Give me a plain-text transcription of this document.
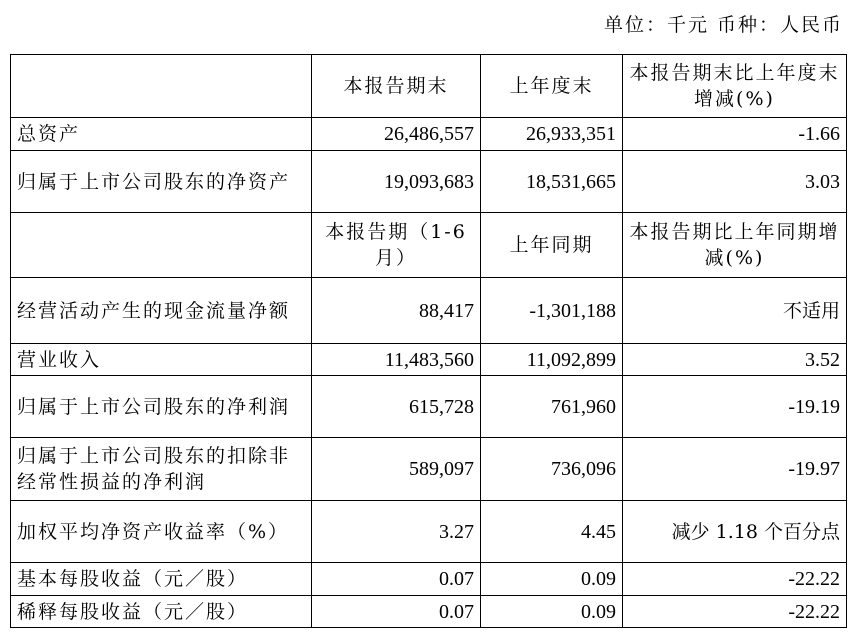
单位：千元 币种：人民币
	本报告期末	上年度末	本报告期末比上年度末增减(%)
总资产	26,486,557	26,933,351	-1.66
归属于上市公司股东的净资产	19,093,683	18,531,665	3.03
	本报告期（1-6月）	上年同期	本报告期比上年同期增减(%)
经营活动产生的现金流量净额	88,417	-1,301,188	不适用
营业收入	11,483,560	11,092,899	3.52
归属于上市公司股东的净利润	615,728	761,960	-19.19
归属于上市公司股东的扣除非经常性损益的净利润	589,097	736,096	-19.97
加权平均净资产收益率（%）	3.27	4.45	减少 1.18 个百分点
基本每股收益（元／股）	0.07	0.09	-22.22
稀释每股收益（元／股）	0.07	0.09	-22.22
